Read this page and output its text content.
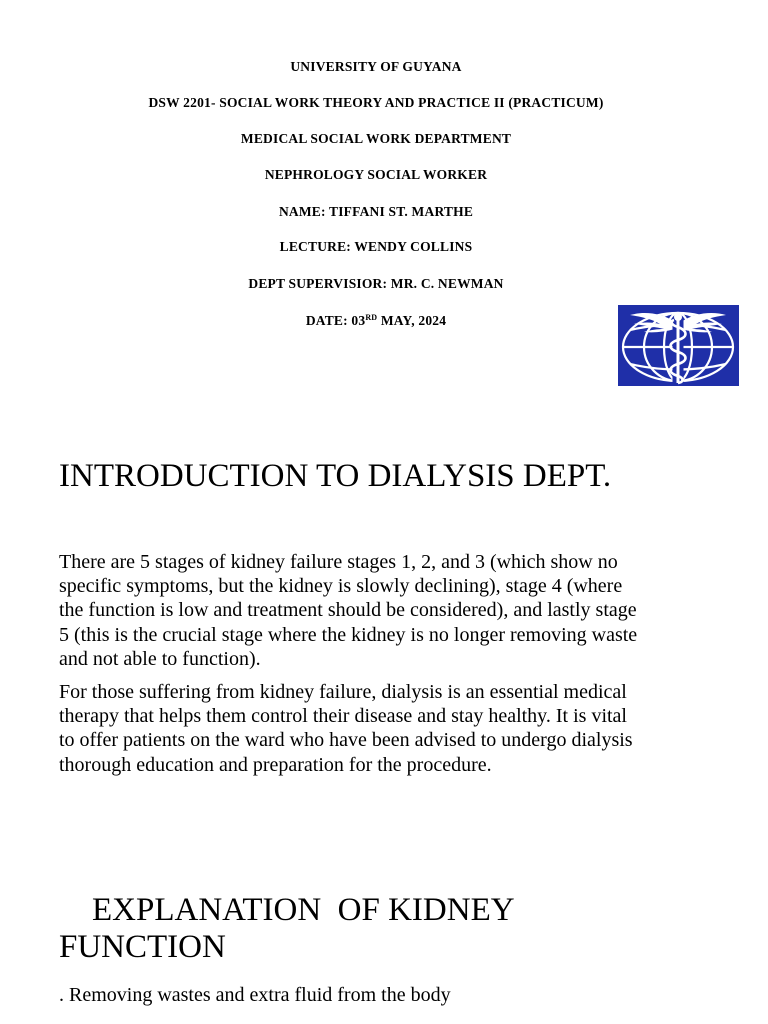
UNIVERSITY OF GUYANA
DSW 2201- SOCIAL WORK THEORY AND PRACTICE II (PRACTICUM)
MEDICAL SOCIAL WORK DEPARTMENT
NEPHROLOGY SOCIAL WORKER
NAME: TIFFANI ST. MARTHE
LECTURE: WENDY COLLINS
DEPT SUPERVISIOR: MR. C. NEWMAN
DATE: 03RD MAY, 2024
INTRODUCTION TO DIALYSIS DEPT.
There are 5 stages of kidney failure stages 1, 2, and 3 (which show no
specific symptoms, but the kidney is slowly declining), stage 4 (where
the function is low and treatment should be considered), and lastly stage
5 (this is the crucial stage where the kidney is no longer removing waste
and not able to function).
For those suffering from kidney failure, dialysis is an essential medical
therapy that helps them control their disease and stay healthy. It is vital
to offer patients on the ward who have been advised to undergo dialysis
thorough education and preparation for the procedure.
EXPLANATION  OF KIDNEY
FUNCTION
. Removing wastes and extra fluid from the body
